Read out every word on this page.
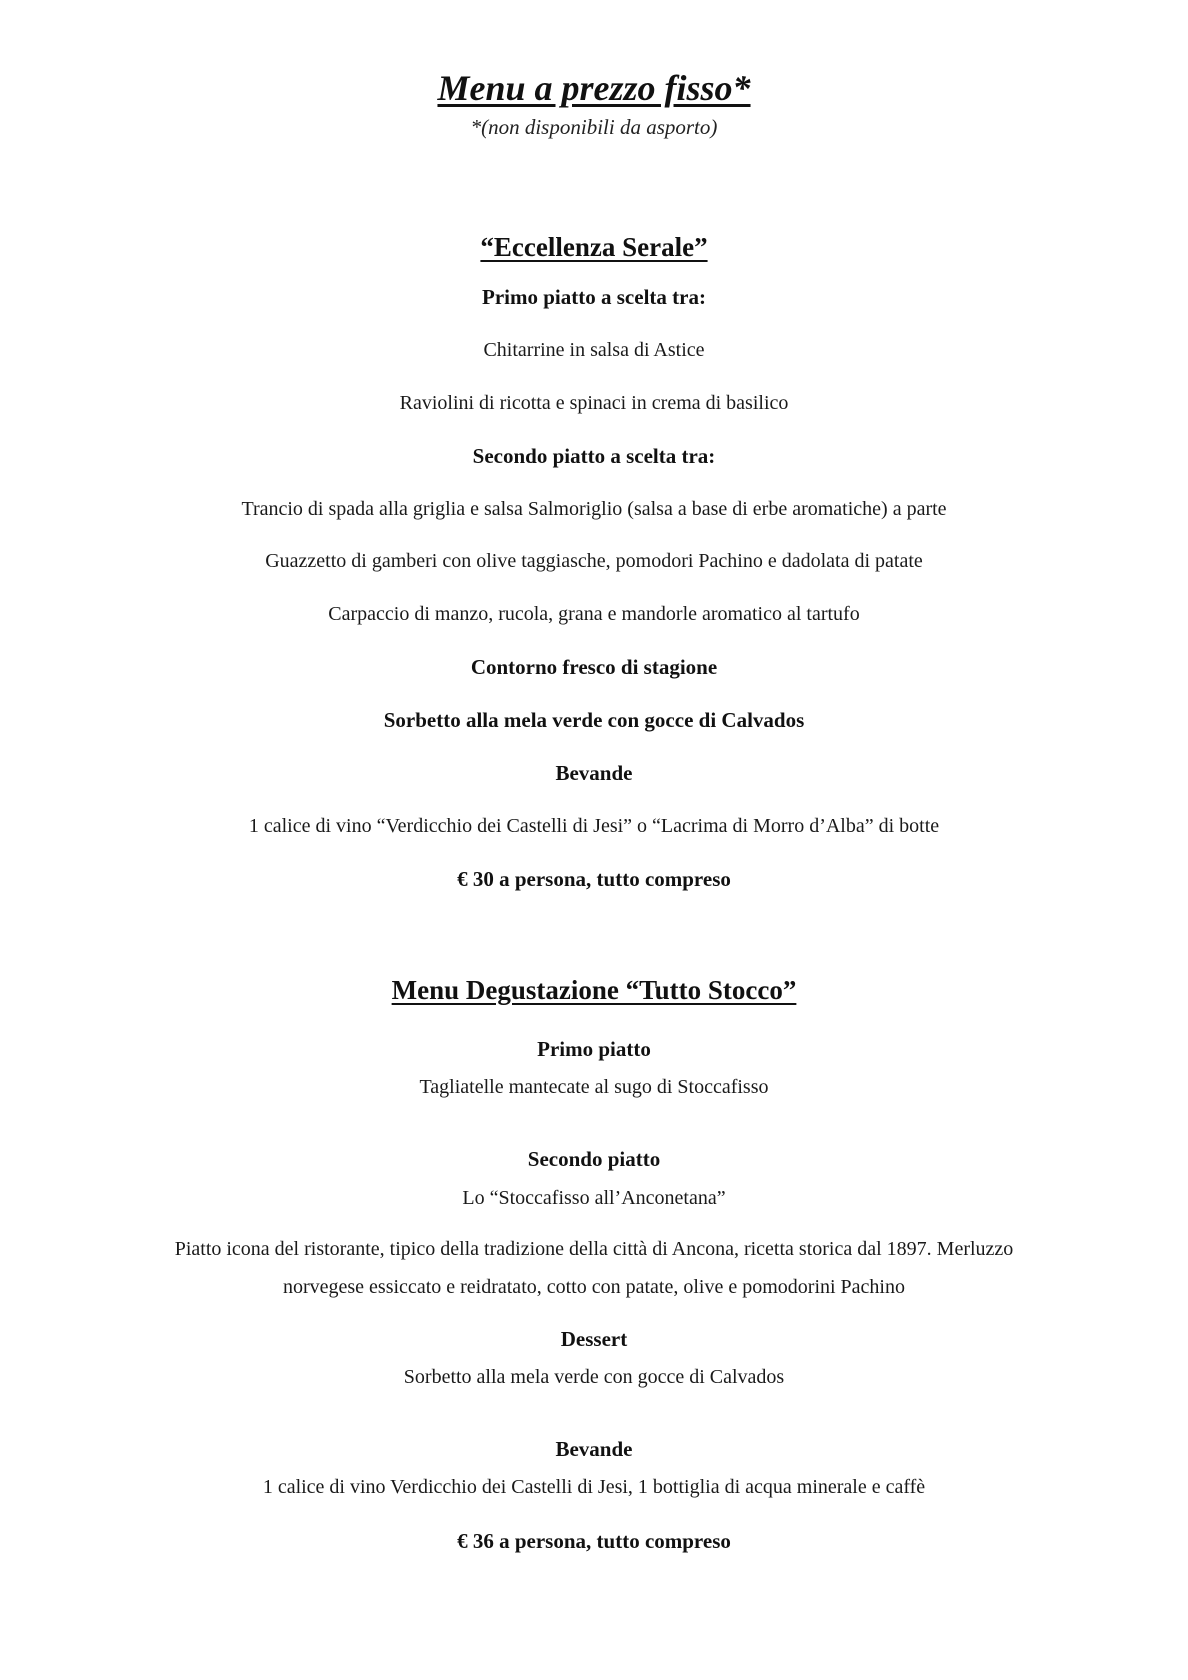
Menu a prezzo fisso*
*(non disponibili da asporto)
“Eccellenza Serale”
Primo piatto a scelta tra:
Chitarrine in salsa di Astice
Raviolini di ricotta e spinaci in crema di basilico
Secondo piatto a scelta tra:
Trancio di spada alla griglia e salsa Salmoriglio (salsa a base di erbe aromatiche) a parte
Guazzetto di gamberi con olive taggiasche, pomodori Pachino e dadolata di patate
Carpaccio di manzo, rucola, grana e mandorle aromatico al tartufo
Contorno fresco di stagione
Sorbetto alla mela verde con gocce di Calvados
Bevande
1 calice di vino “Verdicchio dei Castelli di Jesi” o “Lacrima di Morro d’Alba” di botte
€ 30 a persona, tutto compreso
Menu Degustazione “Tutto Stocco”
Primo piatto
Tagliatelle mantecate al sugo di Stoccafisso
Secondo piatto
Lo “Stoccafisso all’Anconetana”
Piatto icona del ristorante, tipico della tradizione della città di Ancona, ricetta storica dal 1897. Merluzzo
norvegese essiccato e reidratato, cotto con patate, olive e pomodorini Pachino
Dessert
Sorbetto alla mela verde con gocce di Calvados
Bevande
1 calice di vino Verdicchio dei Castelli di Jesi, 1 bottiglia di acqua minerale e caffè
€ 36 a persona, tutto compreso
